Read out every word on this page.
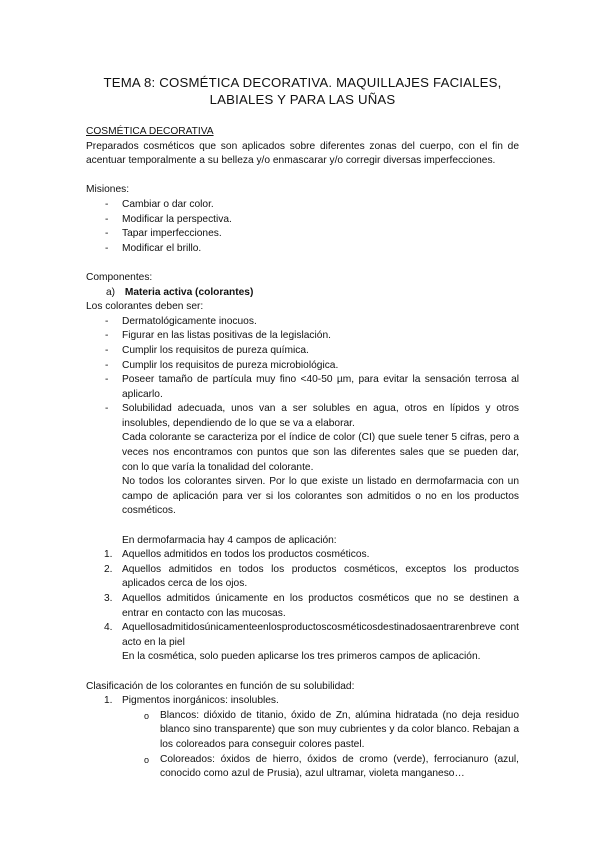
TEMA 8: COSMÉTICA DECORATIVA. MAQUILLAJES FACIALES,
LABIALES Y PARA LAS UÑAS

COSMÉTICA DECORATIVA

Preparados cosméticos que son aplicados sobre diferentes zonas del cuerpo, con el fin de acentuar temporalmente a su belleza y/o enmascarar y/o corregir diversas imperfecciones.

Misiones:

- Cambiar o dar color.
- Modificar la perspectiva.
- Tapar imperfecciones.
- Modificar el brillo.

Componentes:

a) Materia activa (colorantes)

Los colorantes deben ser:

- Dermatológicamente inocuos.
- Figurar en las listas positivas de la legislación.
- Cumplir los requisitos de pureza química.
- Cumplir los requisitos de pureza microbiológica.
- Poseer tamaño de partícula muy fino <40-50 µm, para evitar la sensación terrosa al aplicarlo.
- Solubilidad adecuada, unos van a ser solubles en agua, otros en lípidos y otros insolubles, dependiendo de lo que se va a elaborar.

Cada colorante se caracteriza por el índice de color (CI) que suele tener 5 cifras, pero a veces nos encontramos con puntos que son las diferentes sales que se pueden dar, con lo que varía la tonalidad del colorante.

No todos los colorantes sirven. Por lo que existe un listado en dermofarmacia con un campo de aplicación para ver si los colorantes son admitidos o no en los productos cosméticos.

En dermofarmacia hay 4 campos de aplicación:

1. Aquellos admitidos en todos los productos cosméticos.
2. Aquellos admitidos en todos los productos cosméticos, exceptos los productos aplicados cerca de los ojos.
3. Aquellos admitidos únicamente en los productos cosméticos que no se destinen a entrar en contacto con las mucosas.
4. Aquellosadmitidosúnicamenteenlosproductoscosméticosdestinadosaentrarenbreve contacto en la piel

En la cosmética, solo pueden aplicarse los tres primeros campos de aplicación.

Clasificación de los colorantes en función de su solubilidad:

1. Pigmentos inorgánicos: insolubles.
o Blancos: dióxido de titanio, óxido de Zn, alúmina hidratada (no deja residuo blanco sino transparente) que son muy cubrientes y da color blanco. Rebajan a los coloreados para conseguir colores pastel.
o Coloreados: óxidos de hierro, óxidos de cromo (verde), ferrocianuro (azul, conocido como azul de Prusia), azul ultramar, violeta manganeso…
